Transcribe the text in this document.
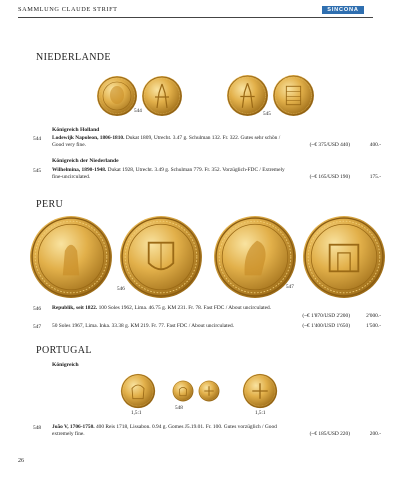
SAMMLUNG CLAUDE STRIFT	SINCONA
NIEDERLANDE
544	545
Königreich Holland
544 Lodewijk Napoleon, 1806-1810. Dukat 1809, Utrecht. 3.47 g. Schulman 132. Fr. 322. Gutes sehr schön /
Good very fine.	(~€ 375/USD 440)	400.-
Königreich der Niederlande
545 Wilhelmina, 1890-1948. Dukat 1928, Utrecht. 3.49 g. Schulman 779. Fr. 352. Vorzüglich-FDC / Extremely
fine-uncirculated.	(~€ 165/USD 190)	175.-
PERU
546	547
546 Republik, seit 1822. 100 Soles 1962, Lima. 46.75 g. KM 231. Fr. 78. Fast FDC / About uncirculated.
(~€ 1'870/USD 2'200)	2'000.-
547 50 Soles 1967, Lima. Inka. 33.38 g. KM 219. Fr. 77. Fast FDC / About uncirculated.	(~€ 1'400/USD 1'650)	1'500.-
PORTUGAL
Königreich
1,5:1
548
1,5:1
548 João V, 1706-1750. 400 Reis 1718, Lissabon. 0.94 g. Gomes J5.19.01. Fr. 100. Gutes vorzüglich / Good
extremely fine.	(~€ 185/USD 220)	200.-
26
